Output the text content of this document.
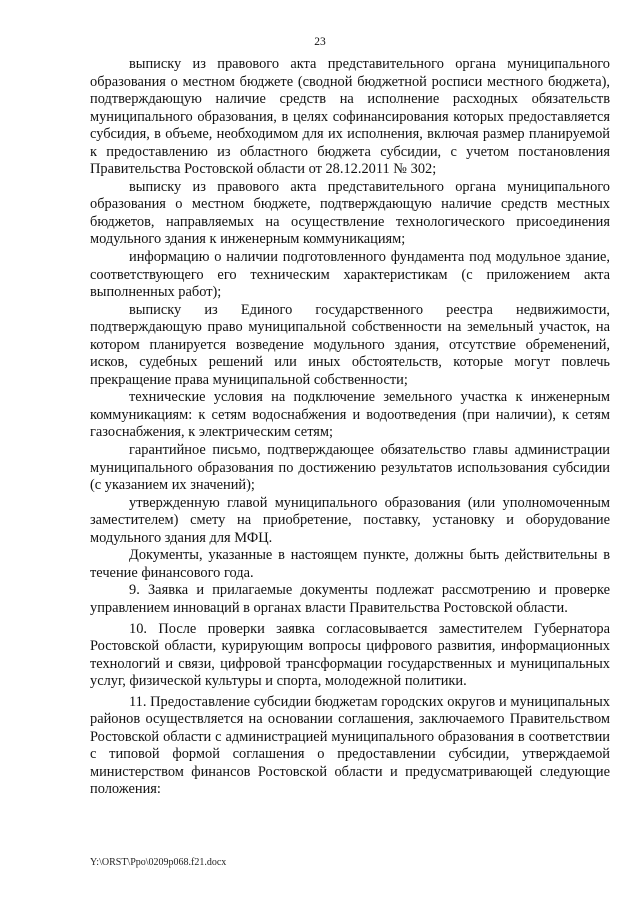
23

выписку из правового акта представительного органа муниципального образования о местном бюджете (сводной бюджетной росписи местного бюджета), подтверждающую наличие средств на исполнение расходных обязательств муниципального образования, в целях софинансирования которых предоставляется субсидия, в объеме, необходимом для их исполнения, включая размер планируемой к предоставлению из областного бюджета субсидии, с учетом постановления Правительства Ростовской области от 28.12.2011 № 302;

выписку из правового акта представительного органа муниципального образования о местном бюджете, подтверждающую наличие средств местных бюджетов, направляемых на осуществление технологического присоединения модульного здания к инженерным коммуникациям;

информацию о наличии подготовленного фундамента под модульное здание, соответствующего его техническим характеристикам (с приложением акта выполненных работ);

выписку из Единого государственного реестра недвижимости, подтверждающую право муниципальной собственности на земельный участок, на котором планируется возведение модульного здания, отсутствие обременений, исков, судебных решений или иных обстоятельств, которые могут повлечь прекращение права муниципальной собственности;

технические условия на подключение земельного участка к инженерным коммуникациям: к сетям водоснабжения и водоотведения (при наличии), к сетям газоснабжения, к электрическим сетям;

гарантийное письмо, подтверждающее обязательство главы администрации муниципального образования по достижению результатов использования субсидии (с указанием их значений);

утвержденную главой муниципального образования (или уполномоченным заместителем) смету на приобретение, поставку, установку и оборудование модульного здания для МФЦ.

Документы, указанные в настоящем пункте, должны быть действительны в течение финансового года.

9. Заявка и прилагаемые документы подлежат рассмотрению и проверке управлением инноваций в органах власти Правительства Ростовской области.

10. После проверки заявка согласовывается заместителем Губернатора Ростовской области, курирующим вопросы цифрового развития, информационных технологий и связи, цифровой трансформации государственных и муниципальных услуг, физической культуры и спорта, молодежной политики.

11. Предоставление субсидии бюджетам городских округов и муниципальных районов осуществляется на основании соглашения, заключаемого Правительством Ростовской области с администрацией муниципального образования в соответствии с типовой формой соглашения о предоставлении субсидии, утверждаемой министерством финансов Ростовской области и предусматривающей следующие положения:

Y:\ORST\Ppo\0209p068.f21.docx
